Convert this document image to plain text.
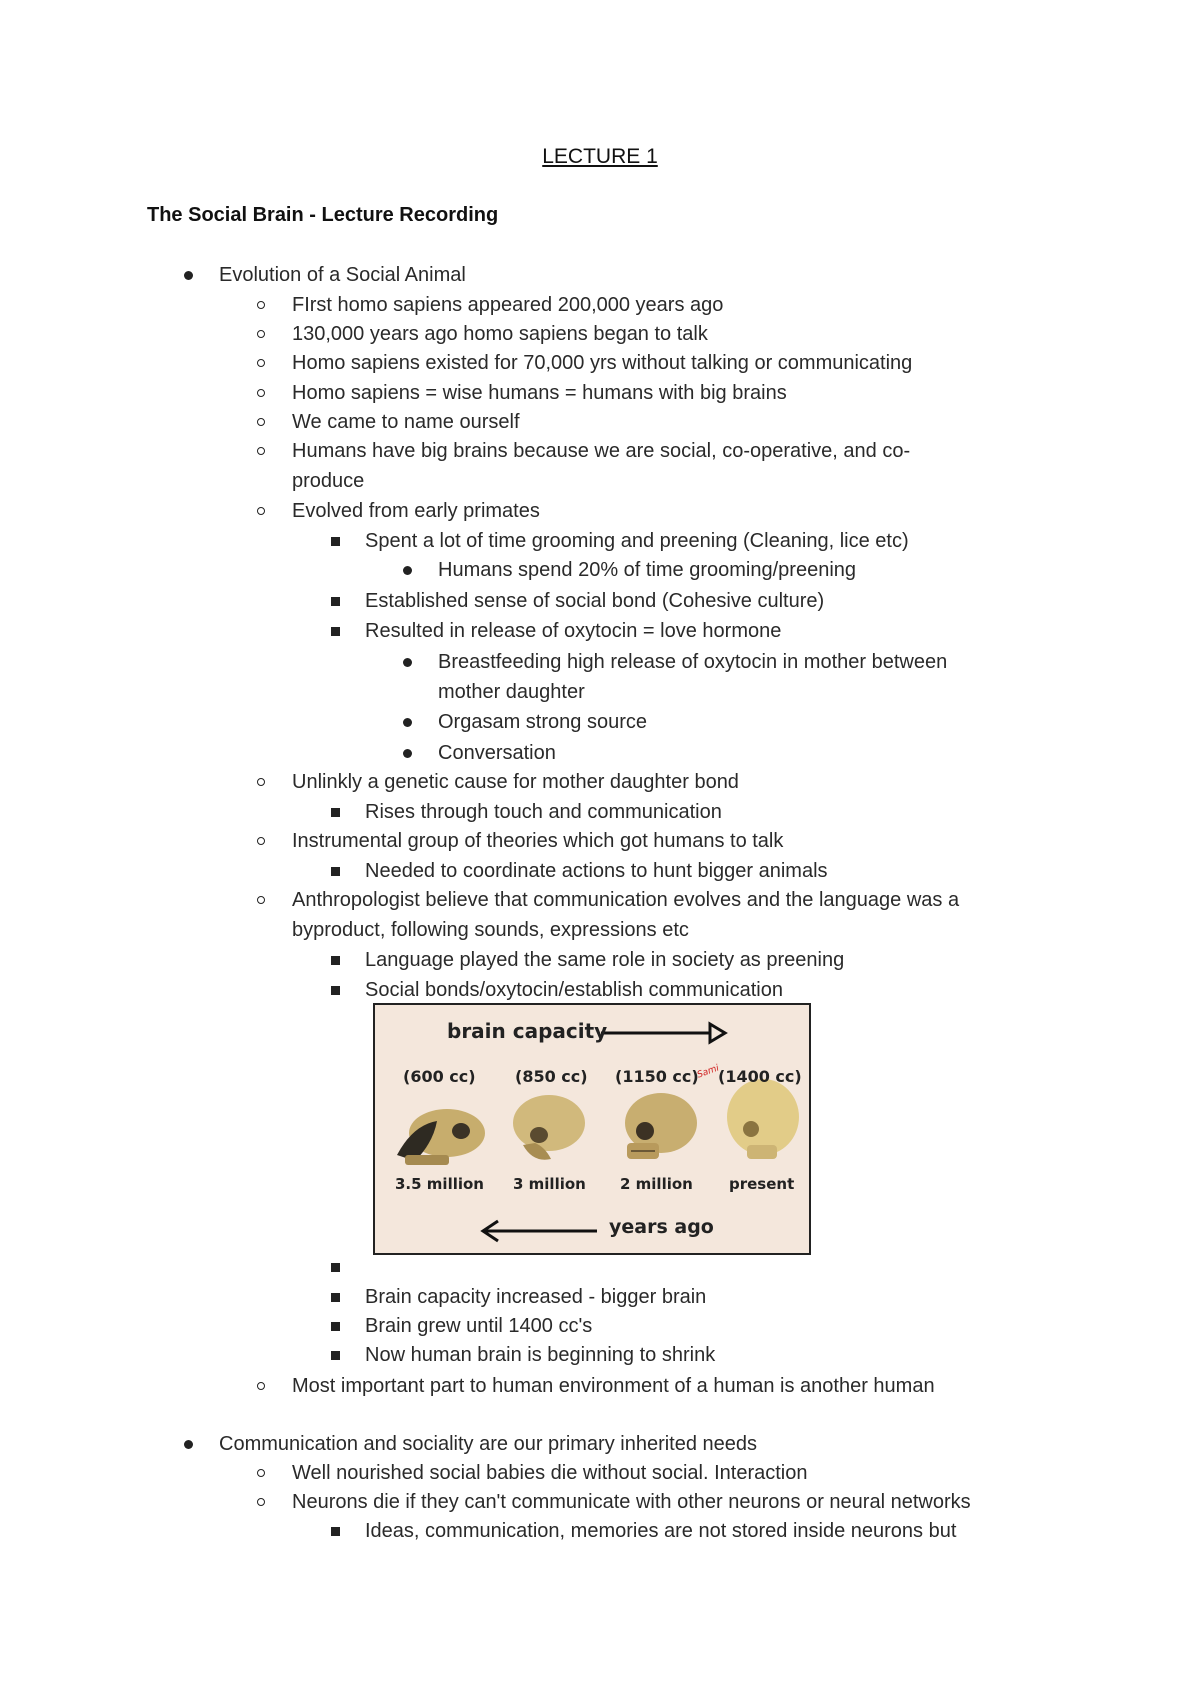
LECTURE 1
The Social Brain - Lecture Recording
Evolution of a Social Animal
FIrst homo sapiens appeared 200,000 years ago
130,000 years ago homo sapiens began to talk
Homo sapiens existed for 70,000 yrs without talking or communicating
Homo sapiens = wise humans = humans with big brains
We came to name ourself
Humans have big brains because we are social, co-operative, and co-
produce
Evolved from early primates
Spent a lot of time grooming and preening (Cleaning, lice etc)
Humans spend 20% of time grooming/preening
Established sense of social bond (Cohesive culture)
Resulted in release of oxytocin = love hormone
Breastfeeding high release of oxytocin in mother between
mother daughter
Orgasam strong source
Conversation
Unlinkly a genetic cause for mother daughter bond
Rises through touch and communication
Instrumental group of theories which got humans to talk
Needed to coordinate actions to hunt bigger animals
Anthropologist believe that communication evolves and the language was a
byproduct, following sounds, expressions etc
Language played the same role in society as preening
Social bonds/oxytocin/establish communication
brain capacity
(600 cc) (850 cc) (1150 cc) (1400 cc)
Sami
3.5 million 3 million 2 million present
years ago
Brain capacity increased - bigger brain
Brain grew until 1400 cc's
Now human brain is beginning to shrink
Most important part to human environment of a human is another human
Communication and sociality are our primary inherited needs
Well nourished social babies die without social. Interaction
Neurons die if they can't communicate with other neurons or neural networks
Ideas, communication, memories are not stored inside neurons but
